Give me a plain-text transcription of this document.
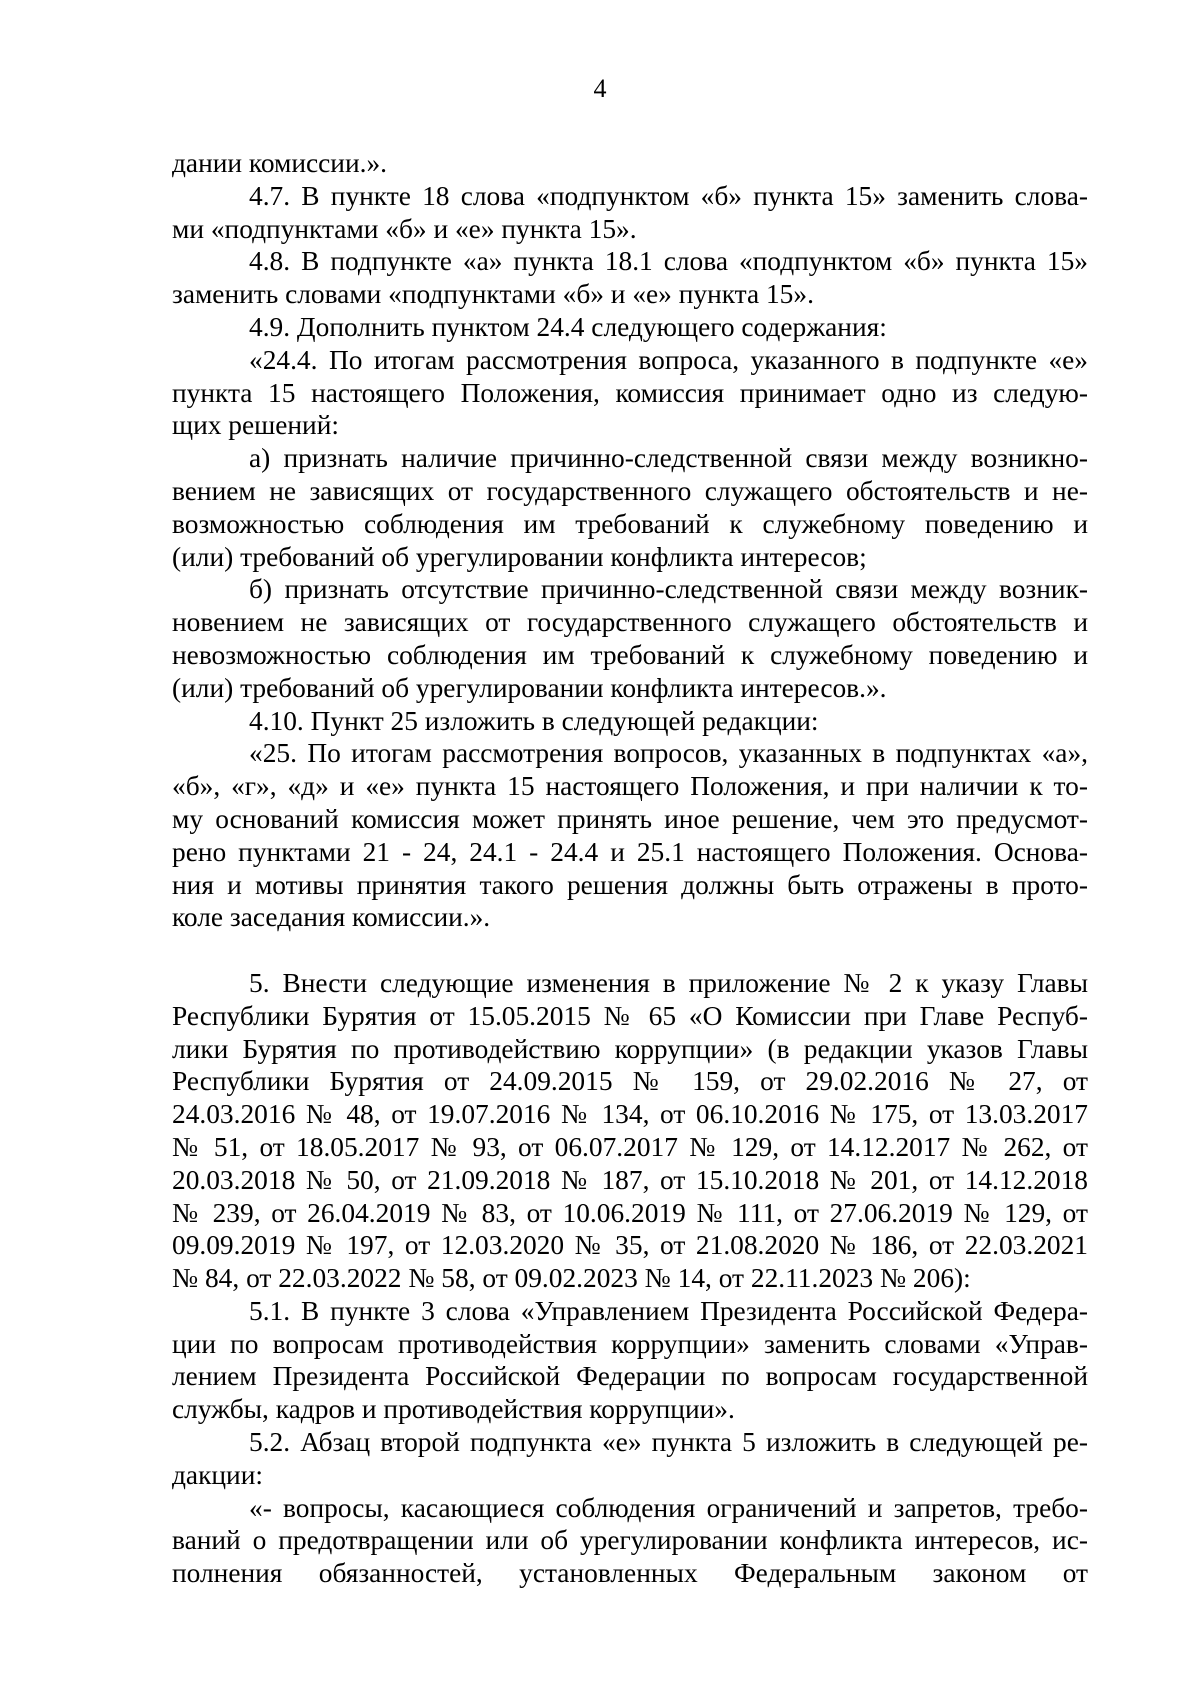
4
дании комиссии.».
4.7. В пункте 18 слова «подпунктом «б» пункта 15» заменить слова-
ми «подпунктами «б» и «е» пункта 15».
4.8. В подпункте «а» пункта 18.1 слова «подпунктом «б» пункта 15»
заменить словами «подпунктами «б» и «е» пункта 15».
4.9. Дополнить пунктом 24.4 следующего содержания:
«24.4. По итогам рассмотрения вопроса, указанного в подпункте «е»
пункта 15 настоящего Положения, комиссия принимает одно из следую-
щих решений:
а) признать наличие причинно-следственной связи между возникно-
вением не зависящих от государственного служащего обстоятельств и не-
возможностью соблюдения им требований к служебному поведению и
(или) требований об урегулировании конфликта интересов;
б) признать отсутствие причинно-следственной связи между возник-
новением не зависящих от государственного служащего обстоятельств и
невозможностью соблюдения им требований к служебному поведению и
(или) требований об урегулировании конфликта интересов.».
4.10. Пункт 25 изложить в следующей редакции:
«25. По итогам рассмотрения вопросов, указанных в подпунктах «а»,
«б», «г», «д» и «е» пункта 15 настоящего Положения, и при наличии к то-
му оснований комиссия может принять иное решение, чем это предусмот-
рено пунктами 21 - 24, 24.1 - 24.4 и 25.1 настоящего Положения. Основа-
ния и мотивы принятия такого решения должны быть отражены в прото-
коле заседания комиссии.».
5. Внести следующие изменения в приложение № 2 к указу Главы
Республики Бурятия от 15.05.2015 № 65 «О Комиссии при Главе Респуб-
лики Бурятия по противодействию коррупции» (в редакции указов Главы
Республики Бурятия от 24.09.2015 № 159, от 29.02.2016 № 27, от
24.03.2016 № 48, от 19.07.2016 № 134, от 06.10.2016 № 175, от 13.03.2017
№ 51, от 18.05.2017 № 93, от 06.07.2017 № 129, от 14.12.2017 № 262, от
20.03.2018 № 50, от 21.09.2018 № 187, от 15.10.2018 № 201, от 14.12.2018
№ 239, от 26.04.2019 № 83, от 10.06.2019 № 111, от 27.06.2019 № 129, от
09.09.2019 № 197, от 12.03.2020 № 35, от 21.08.2020 № 186, от 22.03.2021
№ 84, от 22.03.2022 № 58, от 09.02.2023 № 14, от 22.11.2023 № 206):
5.1. В пункте 3 слова «Управлением Президента Российской Федера-
ции по вопросам противодействия коррупции» заменить словами «Управ-
лением Президента Российской Федерации по вопросам государственной
службы, кадров и противодействия коррупции».
5.2. Абзац второй подпункта «е» пункта 5 изложить в следующей ре-
дакции:
«- вопросы, касающиеся соблюдения ограничений и запретов, требо-
ваний о предотвращении или об урегулировании конфликта интересов, ис-
полнения обязанностей, установленных Федеральным законом от
